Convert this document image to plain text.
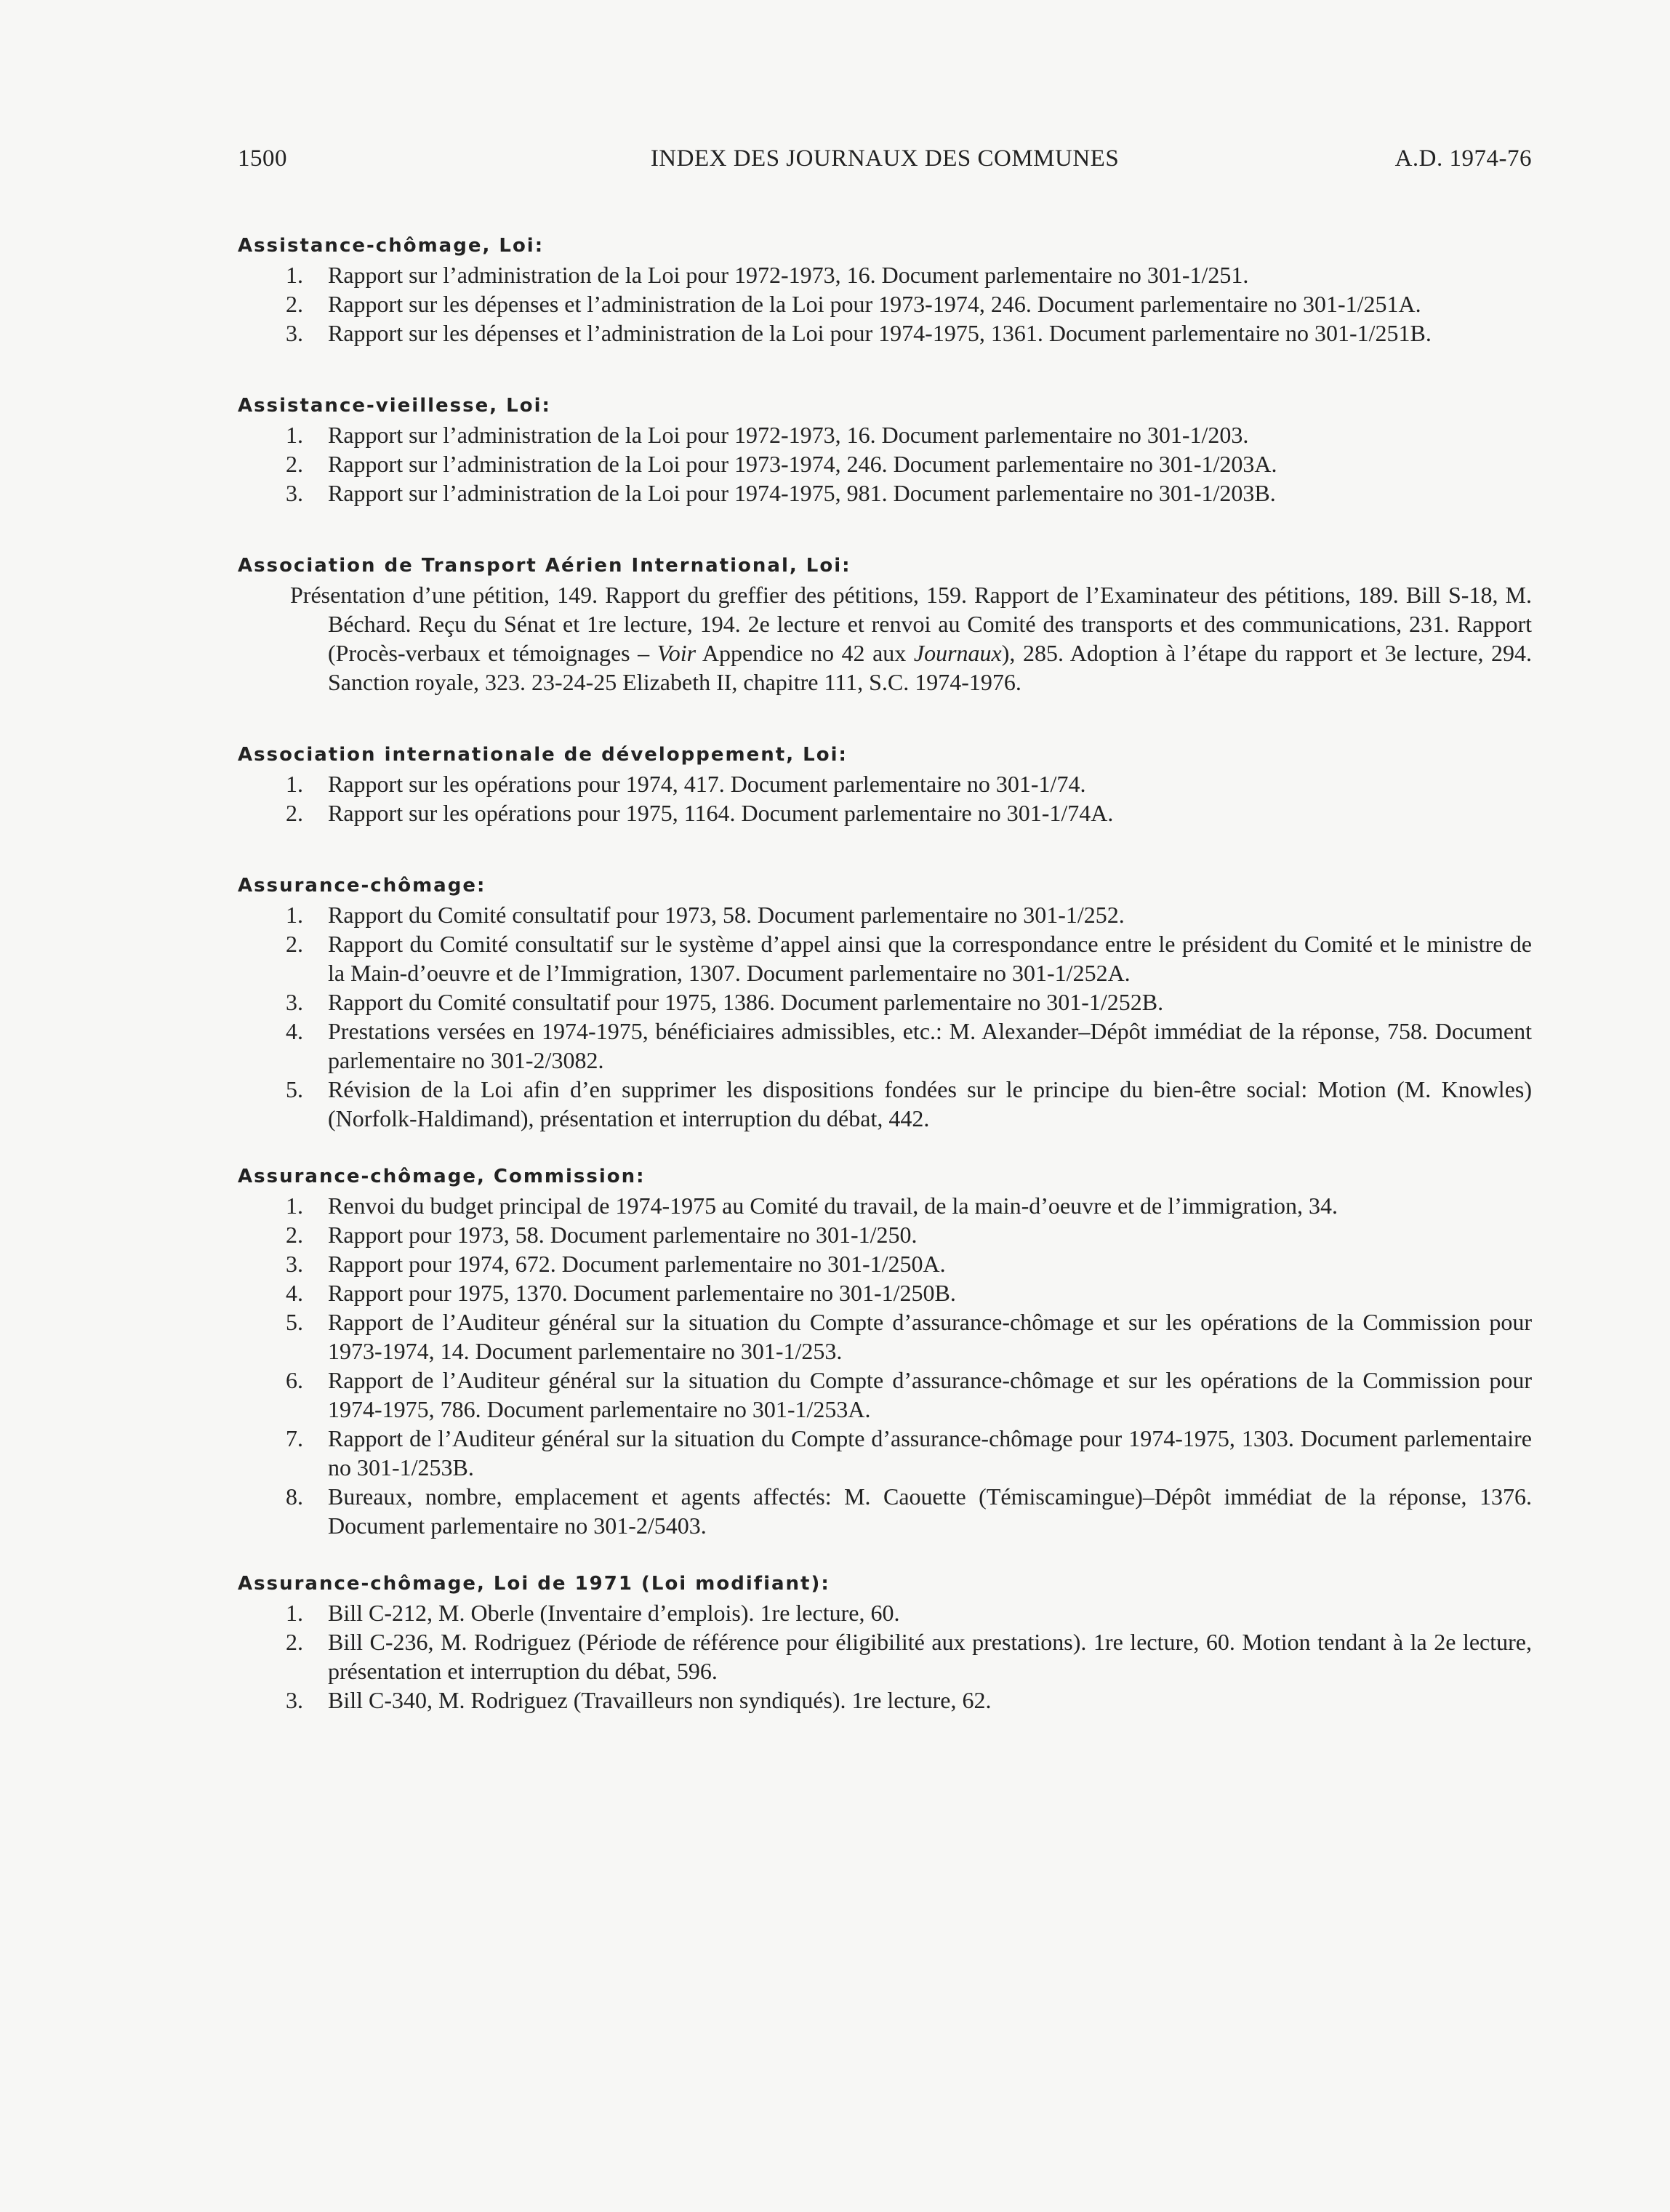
1500	INDEX DES JOURNAUX DES COMMUNES	A.D. 1974-76
Assistance-chômage, Loi:
1.	Rapport sur l’administration de la Loi pour 1972-1973, 16. Document parlementaire no 301-1/251.
2.	Rapport sur les dépenses et l’administration de la Loi pour 1973-1974, 246. Document parlementaire no 301-1/251A.
3.	Rapport sur les dépenses et l’administration de la Loi pour 1974-1975, 1361. Document parlementaire no 301-1/251B.
Assistance-vieillesse, Loi:
1.	Rapport sur l’administration de la Loi pour 1972-1973, 16. Document parlementaire no 301-1/203.
2.	Rapport sur l’administration de la Loi pour 1973-1974, 246. Document parlementaire no 301-1/203A.
3.	Rapport sur l’administration de la Loi pour 1974-1975, 981. Document parlementaire no 301-1/203B.
Association de Transport Aérien International, Loi:

Présentation d’une pétition, 149. Rapport du greffier des pétitions, 159. Rapport de l’Examinateur des pétitions, 189. Bill S-18, M. Béchard. Reçu du Sénat et 1re lecture, 194. 2e lecture et renvoi au Comité des transports et des communications, 231. Rapport (Procès-verbaux et témoignages – Voir Appendice no 42 aux Journaux), 285. Adoption à l’étape du rapport et 3e lecture, 294. Sanction royale, 323. 23-24-25 Elizabeth II, chapitre 111, S.C. 1974-1976.

Association internationale de développement, Loi:
1.	Rapport sur les opérations pour 1974, 417. Document parlementaire no 301-1/74.
2.	Rapport sur les opérations pour 1975, 1164. Document parlementaire no 301-1/74A.
Assurance-chômage:
1.	Rapport du Comité consultatif pour 1973, 58. Document parlementaire no 301-1/252.
2.	Rapport du Comité consultatif sur le système d’appel ainsi que la correspondance entre le président du Comité et le ministre de la Main-d’oeuvre et de l’Immigration, 1307. Document parlementaire no 301-1/252A.
3.	Rapport du Comité consultatif pour 1975, 1386. Document parlementaire no 301-1/252B.
4.	Prestations versées en 1974-1975, bénéficiaires admissibles, etc.: M. Alexander–Dépôt immédiat de la réponse, 758. Document parlementaire no 301-2/3082.
5.	Révision de la Loi afin d’en supprimer les dispositions fondées sur le principe du bien-être social: Motion (M. Knowles) (Norfolk-Haldimand), présentation et interruption du débat, 442.
Assurance-chômage, Commission:
1.	Renvoi du budget principal de 1974-1975 au Comité du travail, de la main-d’oeuvre et de l’immigration, 34.
2.	Rapport pour 1973, 58. Document parlementaire no 301-1/250.
3.	Rapport pour 1974, 672. Document parlementaire no 301-1/250A.
4.	Rapport pour 1975, 1370. Document parlementaire no 301-1/250B.
5.	Rapport de l’Auditeur général sur la situation du Compte d’assurance-chômage et sur les opérations de la Commission pour 1973-1974, 14. Document parlementaire no 301-1/253.
6.	Rapport de l’Auditeur général sur la situation du Compte d’assurance-chômage et sur les opérations de la Commission pour 1974-1975, 786. Document parlementaire no 301-1/253A.
7.	Rapport de l’Auditeur général sur la situation du Compte d’assurance-chômage pour 1974-1975, 1303. Document parlementaire no 301-1/253B.
8.	Bureaux, nombre, emplacement et agents affectés: M. Caouette (Témiscamingue)–Dépôt immédiat de la réponse, 1376. Document parlementaire no 301-2/5403.
Assurance-chômage, Loi de 1971 (Loi modifiant):
1.	Bill C-212, M. Oberle (Inventaire d’emplois). 1re lecture, 60.
2.	Bill C-236, M. Rodriguez (Période de référence pour éligibilité aux prestations). 1re lecture, 60. Motion tendant à la 2e lecture, présentation et interruption du débat, 596.
3.	Bill C-340, M. Rodriguez (Travailleurs non syndiqués). 1re lecture, 62.
